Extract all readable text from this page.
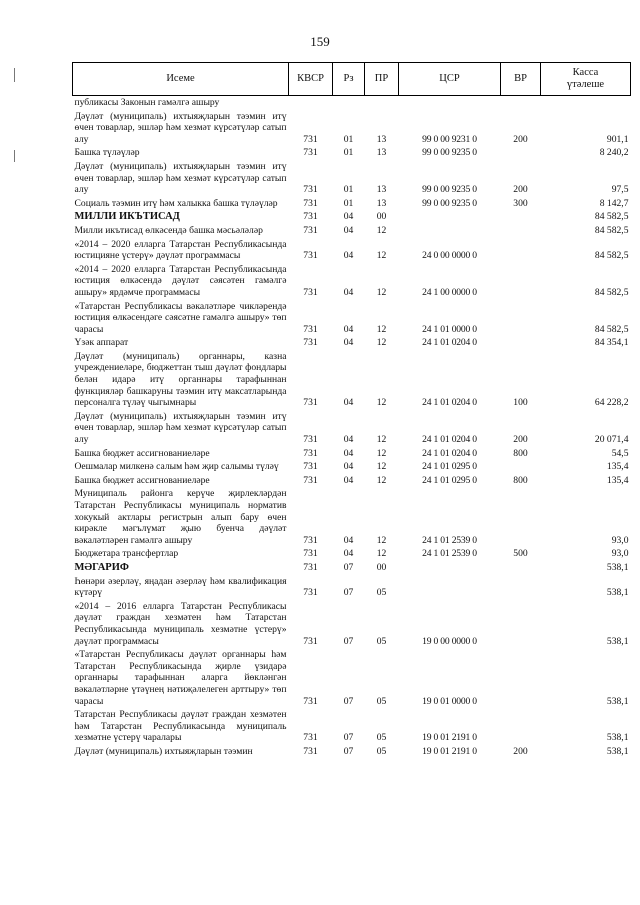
159
Исеме	КВСР	Рз	ПР	ЦСР	ВР	Касса
үтәлеше

публикасы Законын гамәлгә ашыру						
Дәүләт (муниципаль) ихтыяҗларын тәэмин итү өчен товарлар, эшләр һәм хезмәт күрсәтүләр сатып алу	731	01	13	99 0 00 9231 0	200	901,1
Башка түләүләр	731	01	13	99 0 00 9235 0		8 240,2
Дәүләт (муниципаль) ихтыяҗларын тәэмин итү өчен товарлар, эшләр һәм хезмәт күрсәтүләр сатып алу	731	01	13	99 0 00 9235 0	200	97,5
Социаль тәэмин итү һәм халыкка башка түләүләр	731	01	13	99 0 00 9235 0	300	8 142,7
МИЛЛИ ИКЪТИСАД	731	04	00			84 582,5
Милли икътисад өлкәсендә башка мәсьәләләр	731	04	12			84 582,5
«2014 – 2020 елларга Татарстан Республикасында юстицияне үстерү» дәүләт программасы	731	04	12	24 0 00 0000 0		84 582,5
«2014 – 2020 елларга Татарстан Республикасында юстиция өлкәсендә дәүләт сәясәтен гамәлгә ашыру» ярдәмче программасы	731	04	12	24 1 00 0000 0		84 582,5
«Татарстан Республикасы вәкаләтләре чикләрендә юстиция өлкәсендәге сәясәтне гамәлгә ашыру» төп чарасы	731	04	12	24 1 01 0000 0		84 582,5
Үзәк аппарат	731	04	12	24 1 01 0204 0		84 354,1
Дәүләт (муниципаль) органнары, казна учреждениеләре, бюджеттан тыш дәүләт фондлары белән идарә итү органнары тарафыннан функцияләр башкаруны тәэмин итү максатларында персоналга түләү чыгымнары	731	04	12	24 1 01 0204 0	100	64 228,2
Дәүләт (муниципаль) ихтыяҗларын тәэмин итү өчен товарлар, эшләр һәм хезмәт күрсәтүләр сатып алу	731	04	12	24 1 01 0204 0	200	20 071,4
Башка бюджет ассигнованиеләре	731	04	12	24 1 01 0204 0	800	54,5
Оешмалар милкенә салым һәм җир салымы түләү	731	04	12	24 1 01 0295 0		135,4
Башка бюджет ассигнованиеләре	731	04	12	24 1 01 0295 0	800	135,4
Муниципаль районга керүче җирлекләрдән Татарстан Республикасы муниципаль норматив хокукый актлары регистрын алып бару өчен кирәкле мәгълүмат җыю буенча дәүләт вәкаләтләрен гамәлгә ашыру	731	04	12	24 1 01 2539 0		93,0
Бюджетара трансфертлар	731	04	12	24 1 01 2539 0	500	93,0
МӘГАРИФ	731	07	00			538,1
Һөнәри әзерләү, яңадан әзерләү һәм квалификация күтәрү	731	07	05			538,1
«2014 – 2016 елларга Татарстан Республикасы дәүләт граждан хезмәтен һәм Татарстан Республикасында муниципаль хезмәтне үстерү» дәүләт программасы	731	07	05	19 0 00 0000 0		538,1
«Татарстан Республикасы дәүләт органнары һәм Татарстан Республикасында җирле үзидарә органнары тарафыннан аларга йөкләнгән вәкаләтләрне үтәүнең нәтиҗәлелеген арттыру» төп чарасы	731	07	05	19 0 01 0000 0		538,1
Татарстан Республикасы дәүләт граждан хезмәтен һәм Татарстан Республикасында муниципаль хезмәтне үстерү чаралары	731	07	05	19 0 01 2191 0		538,1
Дәүләт (муниципаль) ихтыяҗларын тәэмин	731	07	05	19 0 01 2191 0	200	538,1
